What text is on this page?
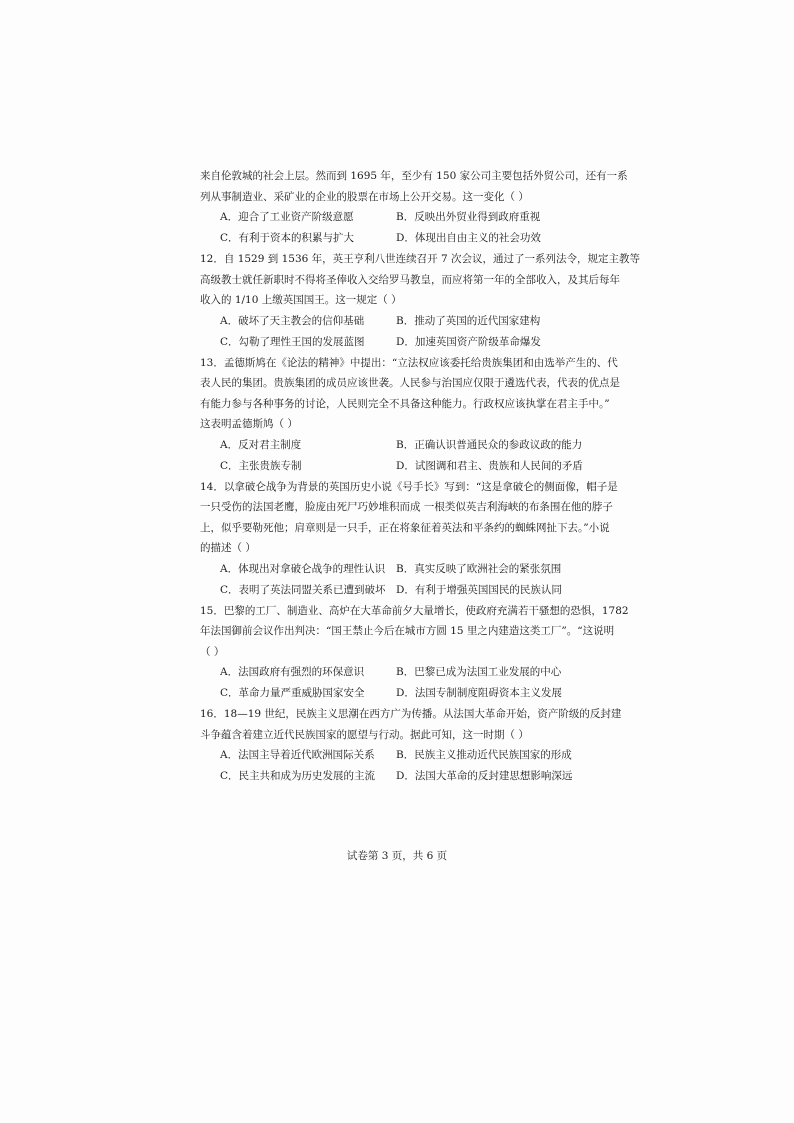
来自伦敦城的社会上层。然而到 1695 年，至少有 150 家公司主要包括外贸公司，还有一系
列从事制造业、采矿业的企业的股票在市场上公开交易。这一变化（ ）
A．迎合了工业资产阶级意愿	B．反映出外贸业得到政府重视
C．有利于资本的积累与扩大	D．体现出自由主义的社会功效
12．自 1529 到 1536 年，英王亨利八世连续召开 7 次会议，通过了一系列法令，规定主教等
高级教士就任新职时不得将圣俸收入交给罗马教皇，而应将第一年的全部收入，及其后每年
收入的 1/10 上缴英国国王。这一规定（ ）
A．破坏了天主教会的信仰基础	B．推动了英国的近代国家建构
C．勾勒了理性王国的发展蓝图	D．加速英国资产阶级革命爆发
13．孟德斯鸠在《论法的精神》中提出：“立法权应该委托给贵族集团和由选举产生的、代
表人民的集团。贵族集团的成员应该世袭。人民参与治国应仅限于遴选代表，代表的优点是
有能力参与各种事务的讨论，人民则完全不具备这种能力。行政权应该执掌在君主手中。”
这表明孟德斯鸠（ ）
A．反对君主制度	B．正确认识普通民众的参政议政的能力
C．主张贵族专制	D．试图调和君主、贵族和人民间的矛盾
14．以拿破仑战争为背景的英国历史小说《号手长》写到：“这是拿破仑的侧面像，帽子是
一只受伤的法国老鹰，脸庞由死尸巧妙堆积而成 一根类似英吉利海峡的布条围在他的脖子
上，似乎要勒死他；肩章则是一只手，正在将象征着英法和平条约的蜘蛛网扯下去。”小说
的描述（ ）
A．体现出对拿破仑战争的理性认识 B．真实反映了欧洲社会的紧张氛围
C．表明了英法同盟关系已遭到破坏 D．有利于增强英国国民的民族认同
15．巴黎的工厂、制造业、高炉在大革命前夕大量增长，使政府充满若干骚想的恐惧，1782
年法国御前会议作出判决：“国王禁止今后在城市方圆 15 里之内建造这类工厂”。“这说明
（ ）
A．法国政府有强烈的环保意识	B．巴黎已成为法国工业发展的中心
C．革命力量严重威胁国家安全	D．法国专制制度阻碍资本主义发展
16．18—19 世纪，民族主义思潮在西方广为传播。从法国大革命开始，资产阶级的反封建
斗争蕴含着建立近代民族国家的愿望与行动。据此可知，这一时期（ ）
A．法国主导着近代欧洲国际关系 B．民族主义推动近代民族国家的形成
C．民主共和成为历史发展的主流 D．法国大革命的反封建思想影响深远
试卷第 3 页，共 6 页
